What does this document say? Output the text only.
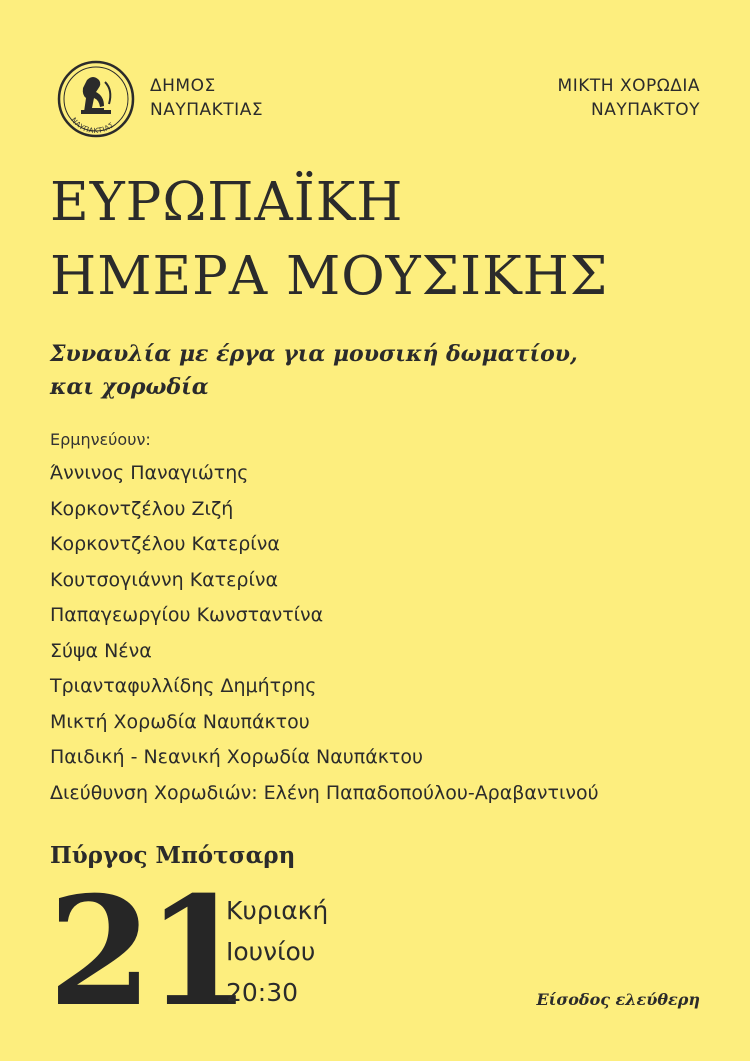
ΝΑΥΠΑΚΤΙΑΣ
ΔΗΜΟΣ
ΝΑΥΠΑΚΤΙΑΣ
ΜΙΚΤΗ ΧΟΡΩΔΙΑ
ΝΑΥΠΑΚΤΟΥ
ΕΥΡΩΠΑΪΚΗ
ΗΜΕΡΑ ΜΟΥΣΙΚΗΣ
Συναυλία με έργα για μουσική δωματίου,
και χορωδία
Ερμηνεύουν:
Άννινος Παναγιώτης
Κορκοντζέλου Ζιζή
Κορκοντζέλου Κατερίνα
Κουτσογιάννη Κατερίνα
Παπαγεωργίου Κωνσταντίνα
Σύψα Νένα
Τριανταφυλλίδης Δημήτρης
Μικτή Χορωδία Ναυπάκτου
Παιδική - Νεανική Χορωδία Ναυπάκτου
Διεύθυνση Χορωδιών: Ελένη Παπαδοπούλου-Αραβαντινού
Πύργος Μπότσαρη
21
Κυριακή
Ιουνίου
20:30	Είσοδος ελεύθερη
